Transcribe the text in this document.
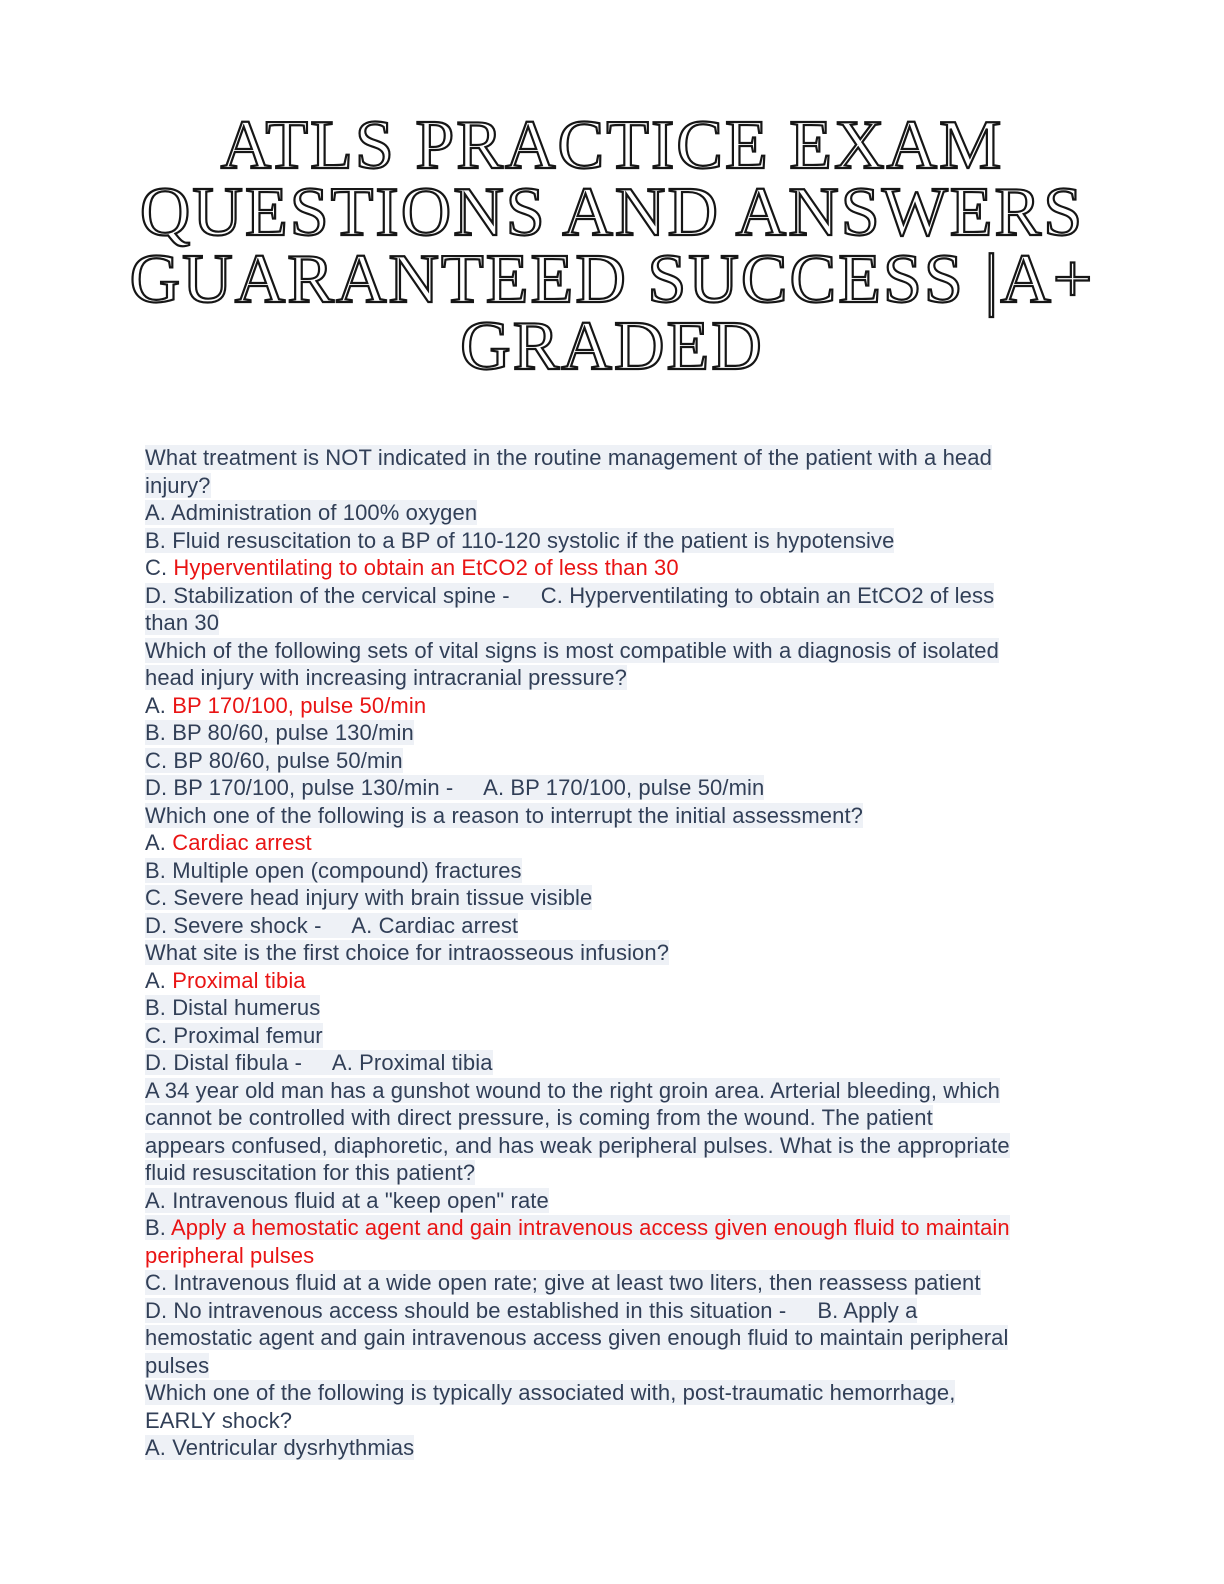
ATLS PRACTICE EXAM
QUESTIONS AND ANSWERS
GUARANTEED SUCCESS |A+
GRADED
What treatment is NOT indicated in the routine management of the patient with a head
injury?
A. Administration of 100% oxygen
B. Fluid resuscitation to a BP of 110-120 systolic if the patient is hypotensive
C. Hyperventilating to obtain an EtCO2 of less than 30
D. Stabilization of the cervical spine -     C. Hyperventilating to obtain an EtCO2 of less
than 30
Which of the following sets of vital signs is most compatible with a diagnosis of isolated
head injury with increasing intracranial pressure?
A. BP 170/100, pulse 50/min
B. BP 80/60, pulse 130/min
C. BP 80/60, pulse 50/min
D. BP 170/100, pulse 130/min -     A. BP 170/100, pulse 50/min
Which one of the following is a reason to interrupt the initial assessment?
A. Cardiac arrest
B. Multiple open (compound) fractures
C. Severe head injury with brain tissue visible
D. Severe shock -     A. Cardiac arrest
What site is the first choice for intraosseous infusion?
A. Proximal tibia
B. Distal humerus
C. Proximal femur
D. Distal fibula -     A. Proximal tibia
A 34 year old man has a gunshot wound to the right groin area. Arterial bleeding, which
cannot be controlled with direct pressure, is coming from the wound. The patient
appears confused, diaphoretic, and has weak peripheral pulses. What is the appropriate
fluid resuscitation for this patient?
A. Intravenous fluid at a "keep open" rate
B. Apply a hemostatic agent and gain intravenous access given enough fluid to maintain
peripheral pulses
C. Intravenous fluid at a wide open rate; give at least two liters, then reassess patient
D. No intravenous access should be established in this situation -     B. Apply a
hemostatic agent and gain intravenous access given enough fluid to maintain peripheral
pulses
Which one of the following is typically associated with, post-traumatic hemorrhage,
EARLY shock?
A. Ventricular dysrhythmias
